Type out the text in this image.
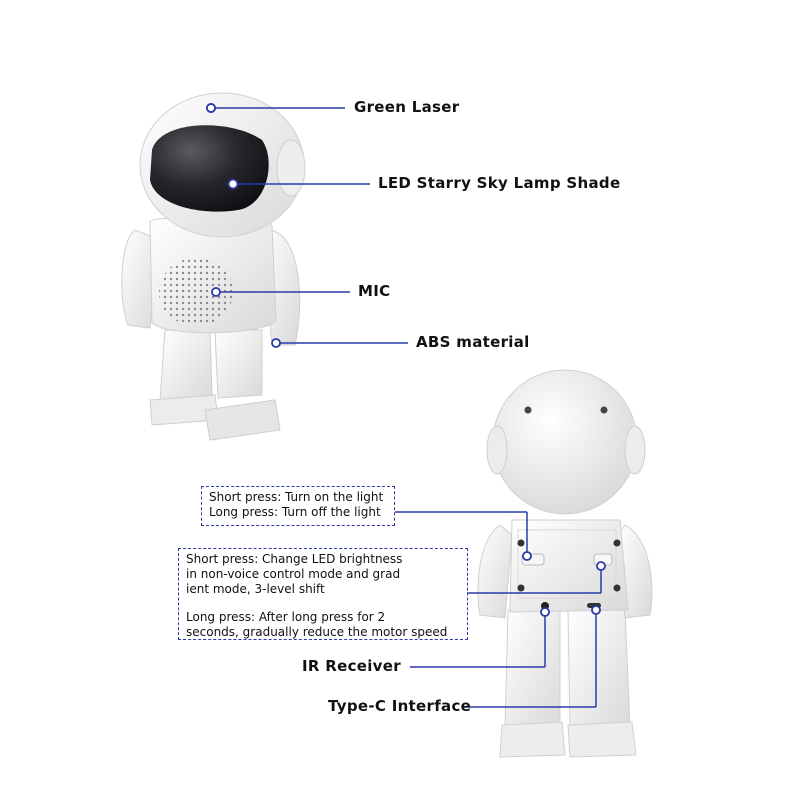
Green Laser
LED Starry Sky Lamp Shade
MIC
ABS material
IR Receiver
Type-C Interface

Short press: Turn on the light

Long press: Turn off the light

Short press: Change LED brightness

in non-voice control mode and grad

ient mode, 3-level shift

Long press: After long press for 2

seconds, gradually reduce the motor speed
